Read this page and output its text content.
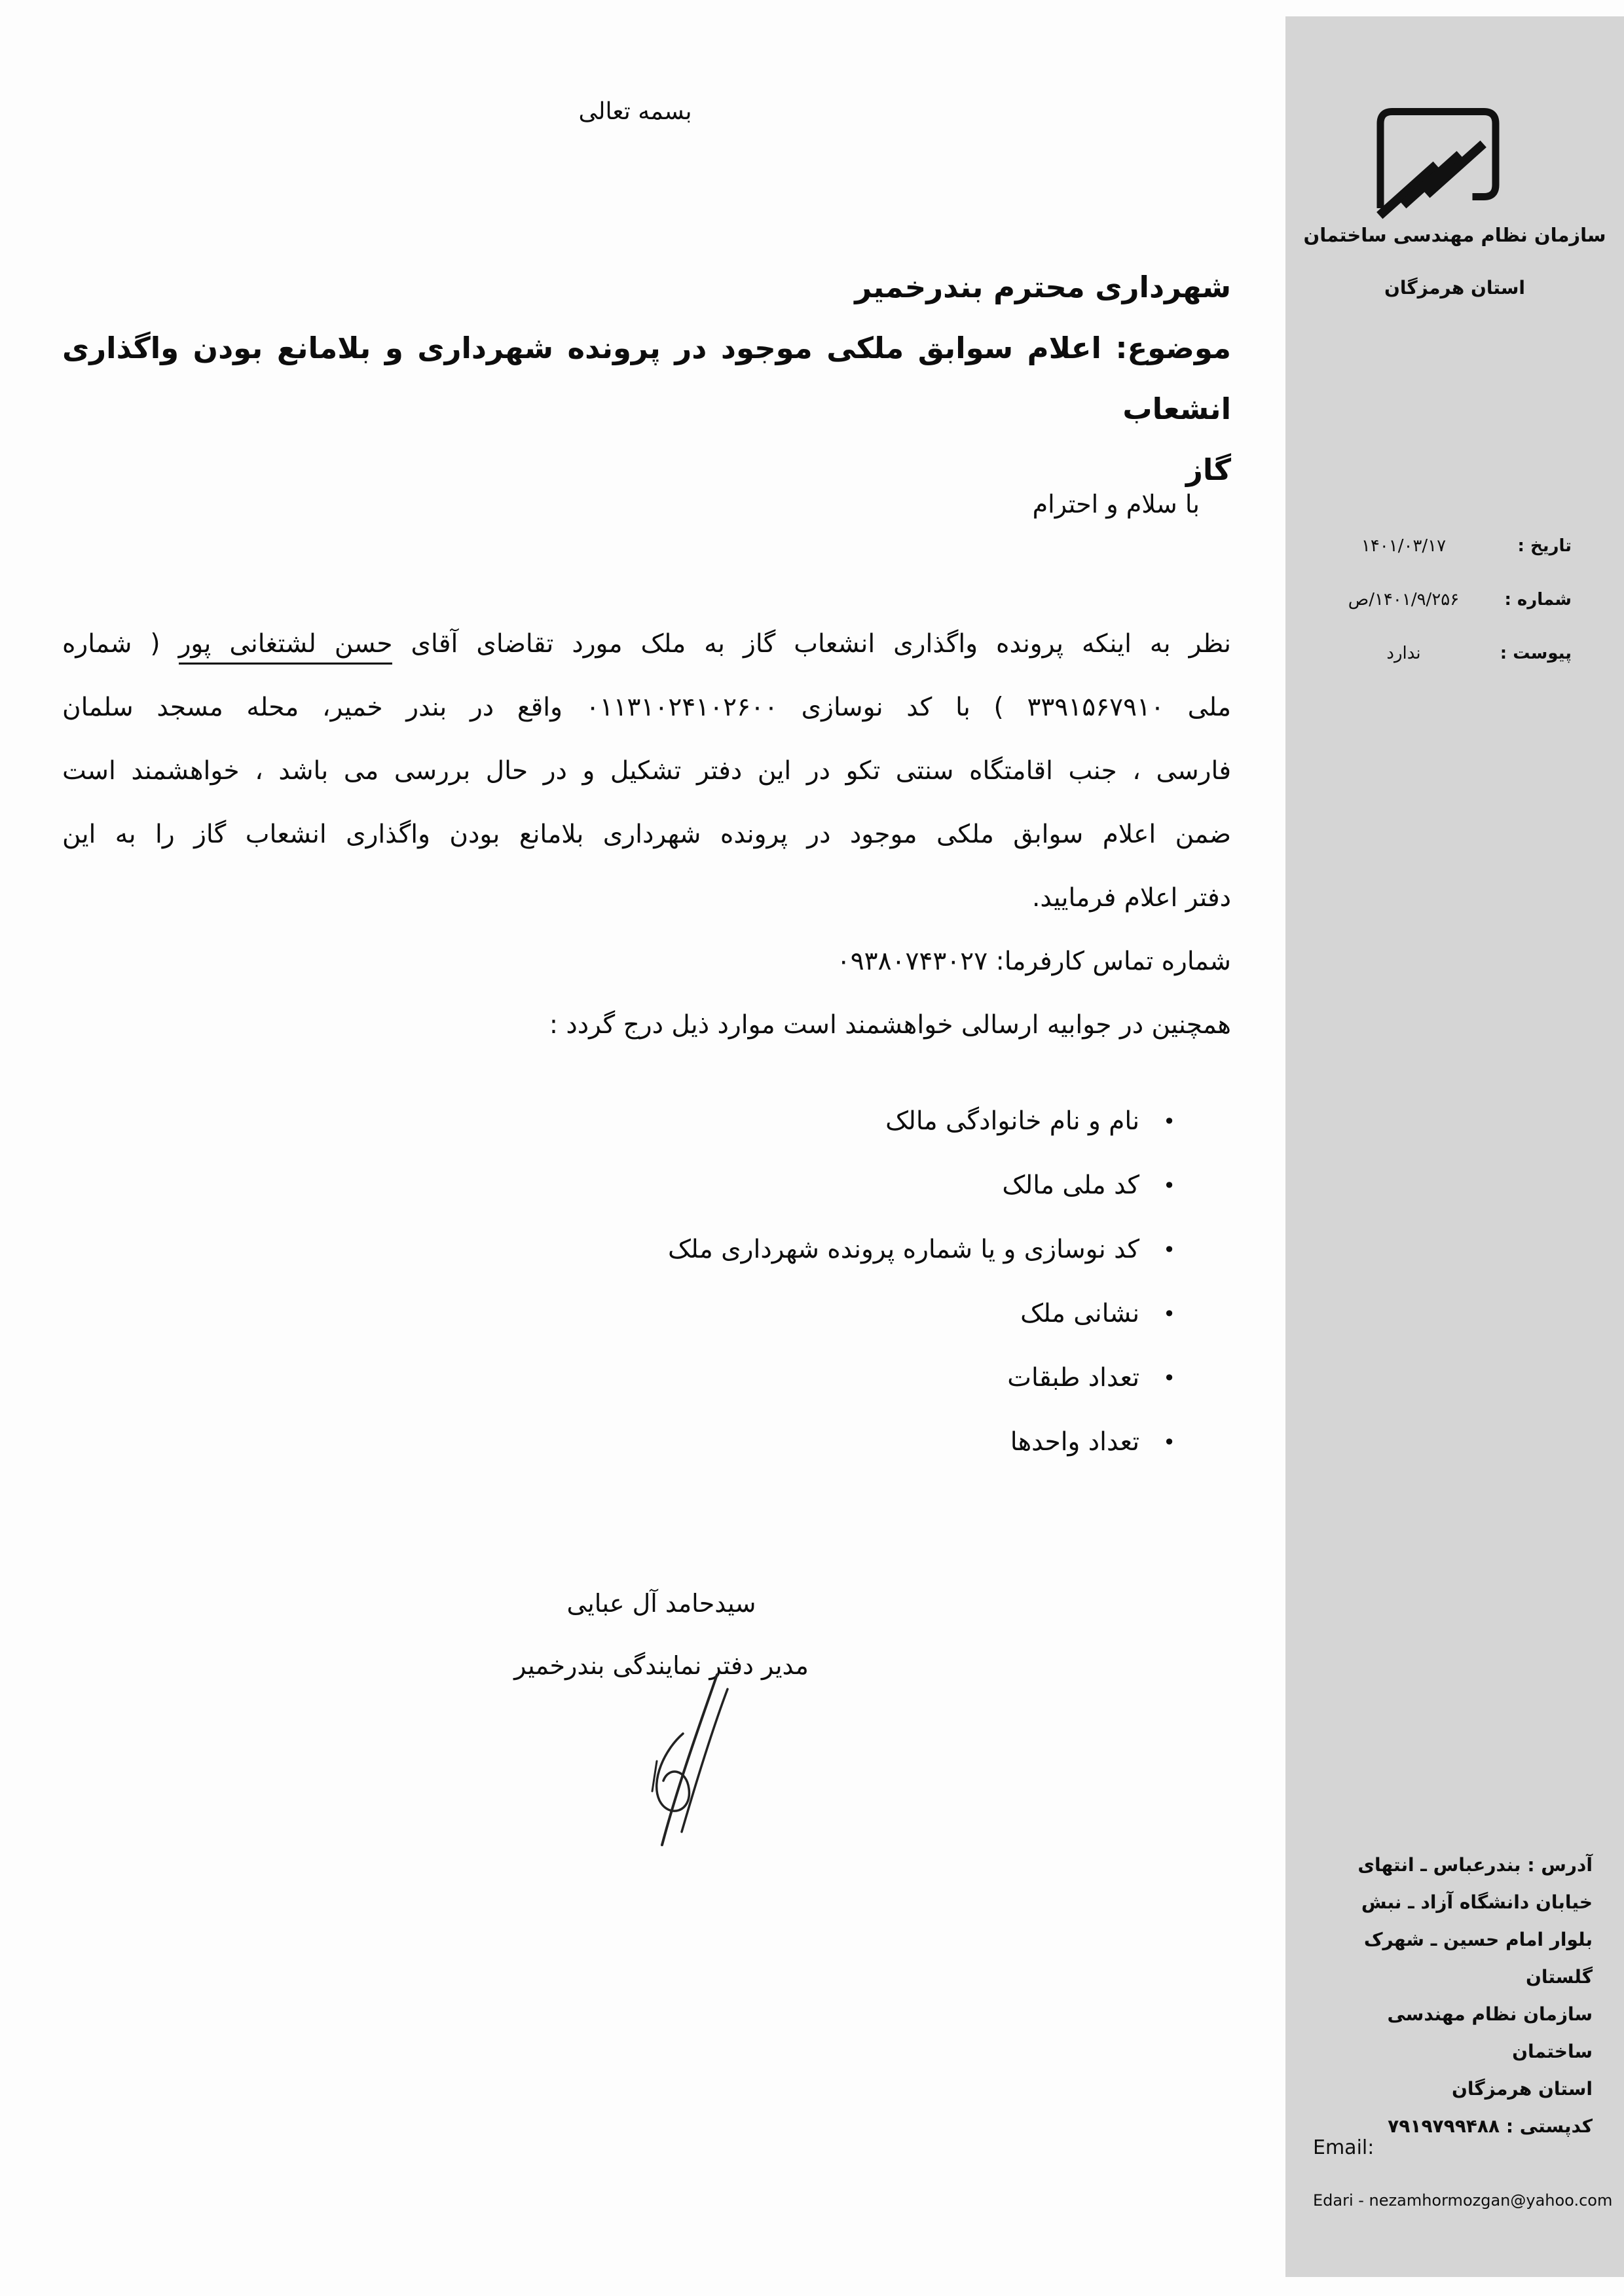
سازمان نظام مهندسی ساختمان
استان هرمزگان
تاریخ :
۱۴۰۱/۰۳/۱۷
شماره :
۱۴۰۱/۹/۲۵۶/ص
پیوست :
ندارد
آدرس : بندرعباس ـ انتهای
خیابان دانشگاه آزاد ـ نبش
بلوار امام حسین ـ شهرک
گلستان
سازمان نظام مهندسی ساختمان
استان هرمزگان
کدپستی : ۷۹۱۹۷۹۹۴۸۸
Email:
Edari - nezamhormozgan@yahoo.com
بسمه تعالی
شهرداری محترم بندرخمیر
موضوع: اعلام سوابق ملکی موجود در پرونده شهرداری و بلامانع بودن واگذاری انشعاب
گاز
با سلام و احترام
نظر به اینکه پرونده واگذاری انشعاب گاز به ملک مورد تقاضای آقای حسن لشتغانی پور ( شماره
ملی ۳۳۹۱۵۶۷۹۱۰ ) با کد نوسازی ۰۱۱۳۱۰۲۴۱۰۲۶۰۰ واقع در بندر خمیر، محله مسجد سلمان
فارسی ، جنب اقامتگاه سنتی تکو در این دفتر تشکیل و در حال بررسی می باشد ، خواهشمند است
ضمن اعلام سوابق ملکی موجود در پرونده شهرداری بلامانع بودن واگذاری انشعاب گاز را به این
دفتر اعلام فرمایید.
شماره تماس کارفرما: ۰۹۳۸۰۷۴۳۰۲۷
همچنین در جوابیه ارسالی خواهشمند است موارد ذیل درج گردد :
•نام و نام خانوادگی مالک
•کد ملی مالک
•کد نوسازی و یا شماره پرونده شهرداری ملک
•نشانی ملک
•تعداد طبقات
•تعداد واحدها
سیدحامد آل عبایی
مدیر دفتر نمایندگی بندرخمیر
